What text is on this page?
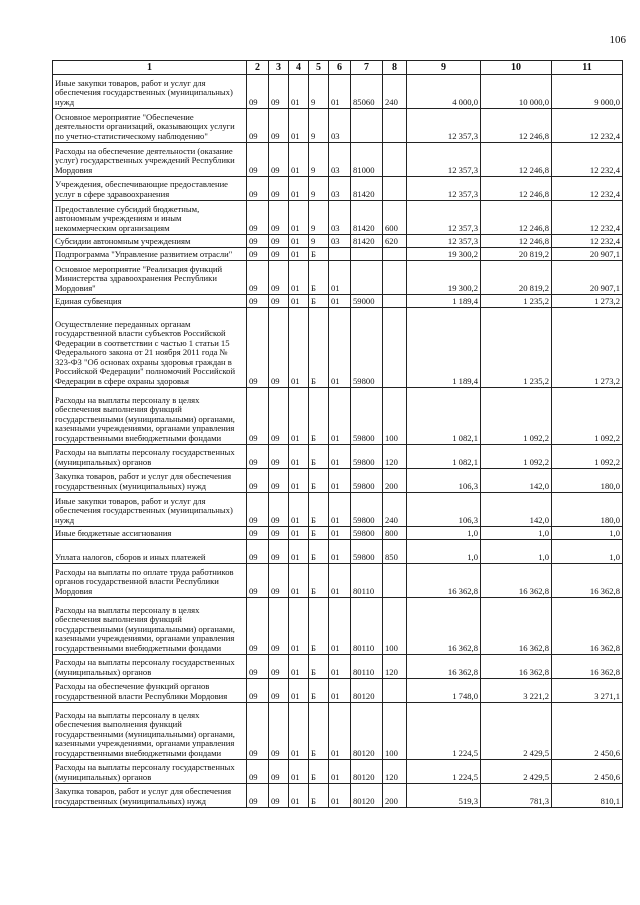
106
1	2	3	4	5	6	7	8	9	10	11
Иные закупки товаров, работ и услуг для обеспечения государственных (муниципальных) нужд	09	09	01	9	01	85060	240	4 000,0	10 000,0	9 000,0
Основное мероприятие "Обеспечение деятельности организаций, оказывающих услуги по учетно-статистическому наблюдению"	09	09	01	9	03			12 357,3	12 246,8	12 232,4
Расходы на обеспечение деятельности (оказание услуг) государственных учреждений Республики Мордовия	09	09	01	9	03	81000		12 357,3	12 246,8	12 232,4
Учреждения, обеспечивающие предоставление услуг в сфере здравоохранения	09	09	01	9	03	81420		12 357,3	12 246,8	12 232,4
Предоставление субсидий бюджетным, автономным учреждениям и иным некоммерческим организациям	09	09	01	9	03	81420	600	12 357,3	12 246,8	12 232,4
Субсидии автономным учреждениям	09	09	01	9	03	81420	620	12 357,3	12 246,8	12 232,4
Подпрограмма "Управление развитием отрасли"	09	09	01	Б				19 300,2	20 819,2	20 907,1
Основное мероприятие "Реализация функций Министерства здравоохранения Республики Мордовия"	09	09	01	Б	01			19 300,2	20 819,2	20 907,1
Единая субвенция	09	09	01	Б	01	59000		1 189,4	1 235,2	1 273,2
Осуществление переданных органам государственной власти субъектов Российской Федерации в соответствии с частью 1 статьи 15 Федерального закона от 21 ноября 2011 года № 323-ФЗ "Об основах охраны здоровья граждан в Российской Федерации" полномочий Российской Федерации в сфере охраны здоровья	09	09	01	Б	01	59800		1 189,4	1 235,2	1 273,2
Расходы на выплаты персоналу в целях обеспечения выполнения функций государственными (муниципальными) органами, казенными учреждениями, органами управления государственными внебюджетными фондами	09	09	01	Б	01	59800	100	1 082,1	1 092,2	1 092,2
Расходы на выплаты персоналу государственных (муниципальных) органов	09	09	01	Б	01	59800	120	1 082,1	1 092,2	1 092,2
Закупка товаров, работ и услуг для обеспечения государственных (муниципальных) нужд	09	09	01	Б	01	59800	200	106,3	142,0	180,0
Иные закупки товаров, работ и услуг для обеспечения государственных (муниципальных) нужд	09	09	01	Б	01	59800	240	106,3	142,0	180,0
Иные бюджетные ассигнования	09	09	01	Б	01	59800	800	1,0	1,0	1,0
Уплата налогов, сборов и иных платежей	09	09	01	Б	01	59800	850	1,0	1,0	1,0
Расходы на выплаты по оплате труда работников органов государственной власти Республики Мордовия	09	09	01	Б	01	80110		16 362,8	16 362,8	16 362,8
Расходы на выплаты персоналу в целях обеспечения выполнения функций государственными (муниципальными) органами, казенными учреждениями, органами управления государственными внебюджетными фондами	09	09	01	Б	01	80110	100	16 362,8	16 362,8	16 362,8
Расходы на выплаты персоналу государственных (муниципальных) органов	09	09	01	Б	01	80110	120	16 362,8	16 362,8	16 362,8
Расходы на обеспечение функций органов государственной власти Республики Мордовия	09	09	01	Б	01	80120		1 748,0	3 221,2	3 271,1
Расходы на выплаты персоналу в целях обеспечения выполнения функций государственными (муниципальными) органами, казенными учреждениями, органами управления государственными внебюджетными фондами	09	09	01	Б	01	80120	100	1 224,5	2 429,5	2 450,6
Расходы на выплаты персоналу государственных (муниципальных) органов	09	09	01	Б	01	80120	120	1 224,5	2 429,5	2 450,6
Закупка товаров, работ и услуг для обеспечения государственных (муниципальных) нужд	09	09	01	Б	01	80120	200	519,3	781,3	810,1
